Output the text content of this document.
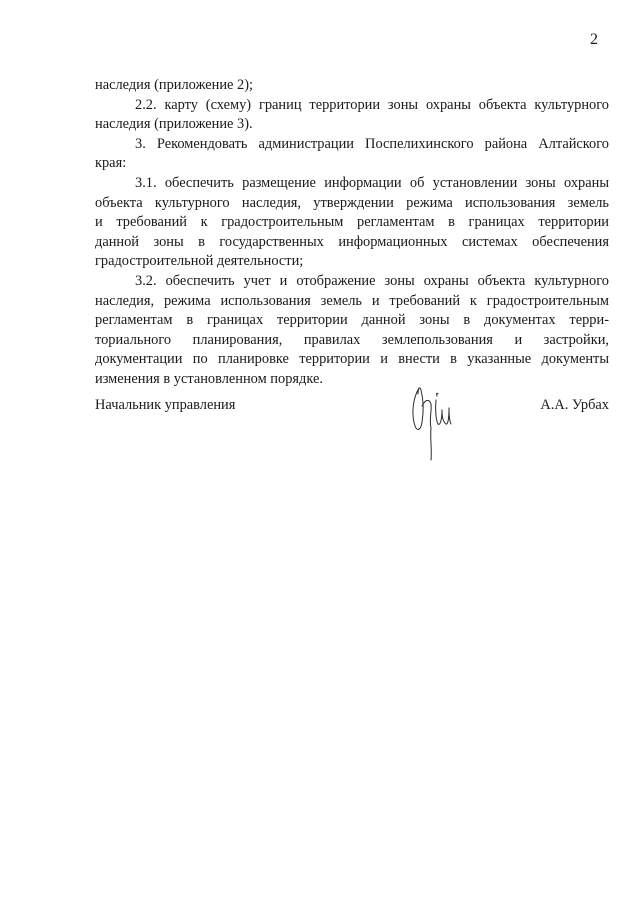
2
наследия (приложение 2);
2.2. карту (схему) границ территории зоны охраны объекта культурного
наследия (приложение 3).
3. Рекомендовать администрации Поспелихинского района Алтайского
края:
3.1. обеспечить размещение информации об установлении зоны охраны
объекта культурного наследия, утверждении режима использования земель
и требований к градостроительным регламентам в границах территории
данной зоны в государственных информационных системах обеспечения
градостроительной деятельности;
3.2. обеспечить учет и отображение зоны охраны объекта культурного
наследия, режима использования земель и требований к градостроительным
регламентам в границах территории данной зоны в документах терри-
ториального планирования, правилах землепользования и застройки,
документации по планировке территории и внести в указанные документы
изменения в установленном порядке.
Начальник управления	А.А. Урбах
